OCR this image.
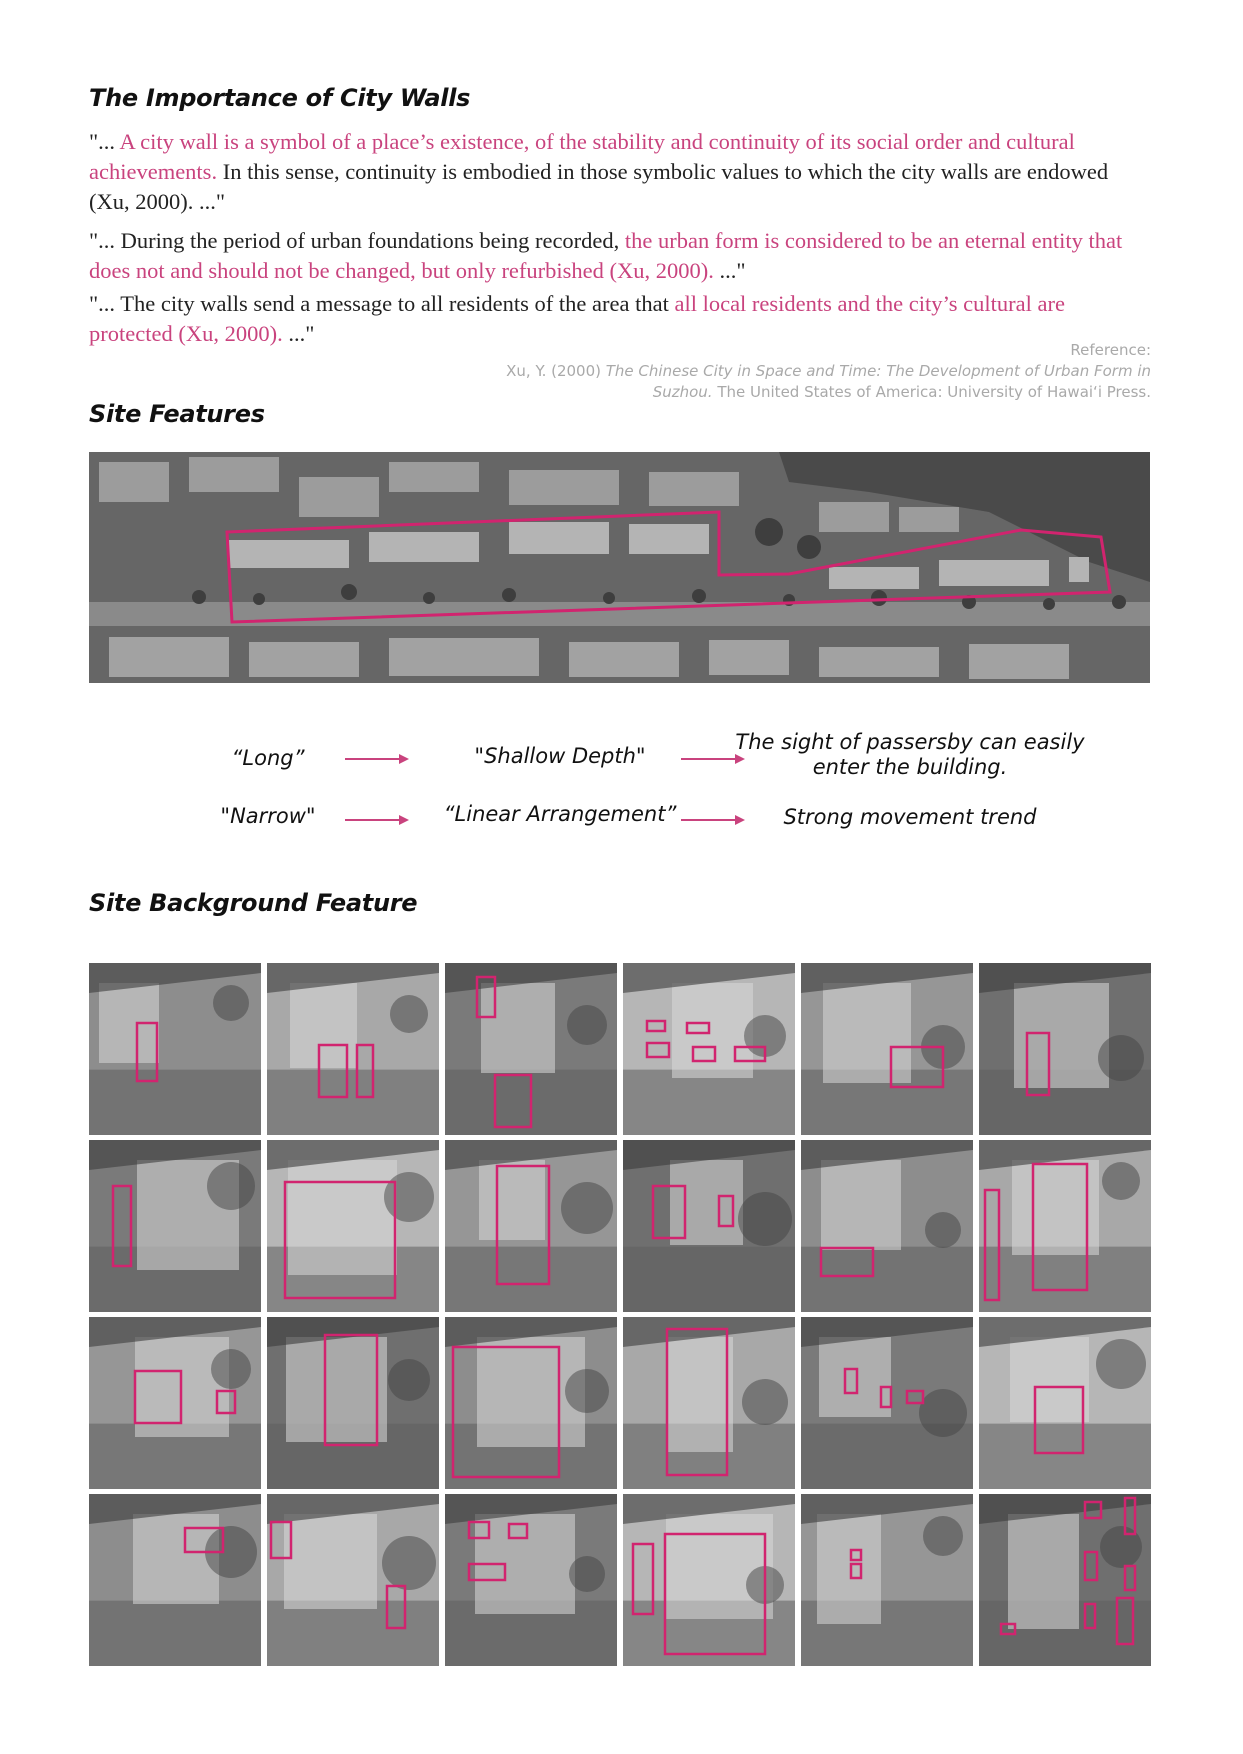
The Importance of City Walls

"... A city wall is a symbol of a place’s existence, of the stability and continuity of its social order and cultural achievements. In this sense, continuity is embodied in those symbolic values to which the city walls are endowed (Xu, 2000). ..."

"... During the period of urban foundations being recorded, the urban form is considered to be an eternal entity that does not and should not be changed, but only refurbished (Xu, 2000). ..."

"... The city walls send a message to all residents of the area that all local residents and the city’s cultural are protected (Xu, 2000). ..."

Reference:
Xu, Y. (2000) The Chinese City in Space and Time: The Development of Urban Form in
Suzhou. The United States of America: University of Hawai‘i Press.
Site Features
“Long”	"Shallow Depth"
The sight of passersby can easily
enter the building.
"Narrow"	“Linear Arrangement”	Strong movement trend
Site Background Feature
